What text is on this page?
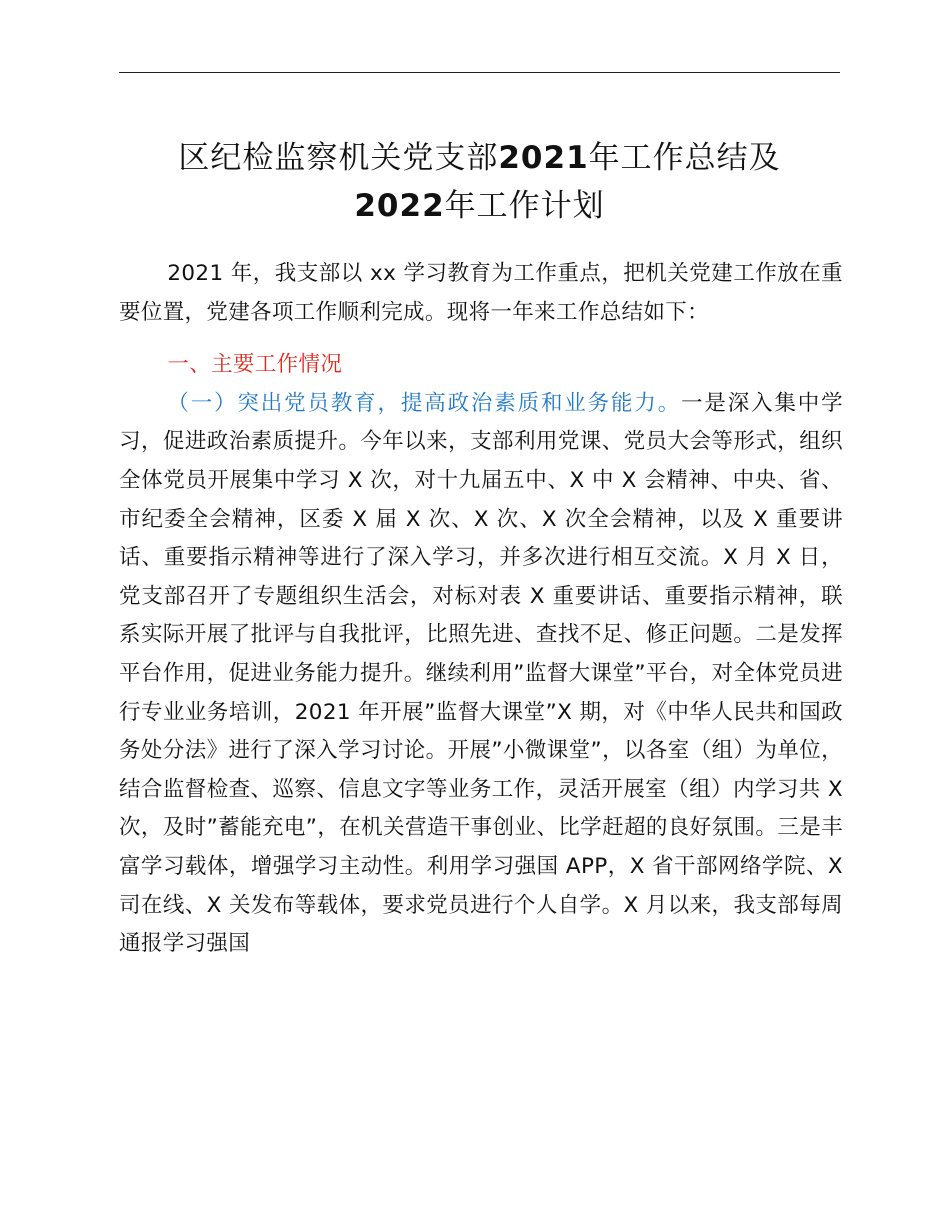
区纪检监察机关党支部2021年工作总结及
2022年工作计划

2021 年，我支部以 xx 学习教育为工作重点，把机关党建工作放在重要位置，党建各项工作顺利完成。现将一年来工作总结如下：

一、主要工作情况

（一）突出党员教育，提高政治素质和业务能力。一是深入集中学习，促进政治素质提升。今年以来，支部利用党课、党员大会等形式，组织全体党员开展集中学习 X 次，对十九届五中、X 中 X 会精神、中央、省、市纪委全会精神，区委 X 届 X 次、X 次、X 次全会精神，以及 X 重要讲话、重要指示精神等进行了深入学习，并多次进行相互交流。X 月 X 日，党支部召开了专题组织生活会，对标对表 X 重要讲话、重要指示精神，联系实际开展了批评与自我批评，比照先进、查找不足、修正问题。二是发挥平台作用，促进业务能力提升。继续利用”监督大课堂”平台，对全体党员进行专业业务培训，2021 年开展”监督大课堂”X 期，对《中华人民共和国政务处分法》进行了深入学习讨论。开展”小微课堂”，以各室（组）为单位，结合监督检查、巡察、信息文字等业务工作，灵活开展室（组）内学习共 X 次，及时”蓄能充电”，在机关营造干事创业、比学赶超的良好氛围。三是丰富学习载体，增强学习主动性。利用学习强国 APP，X 省干部网络学院、X 司在线、X 关发布等载体，要求党员进行个人自学。X 月以来，我支部每周通报学习强国
